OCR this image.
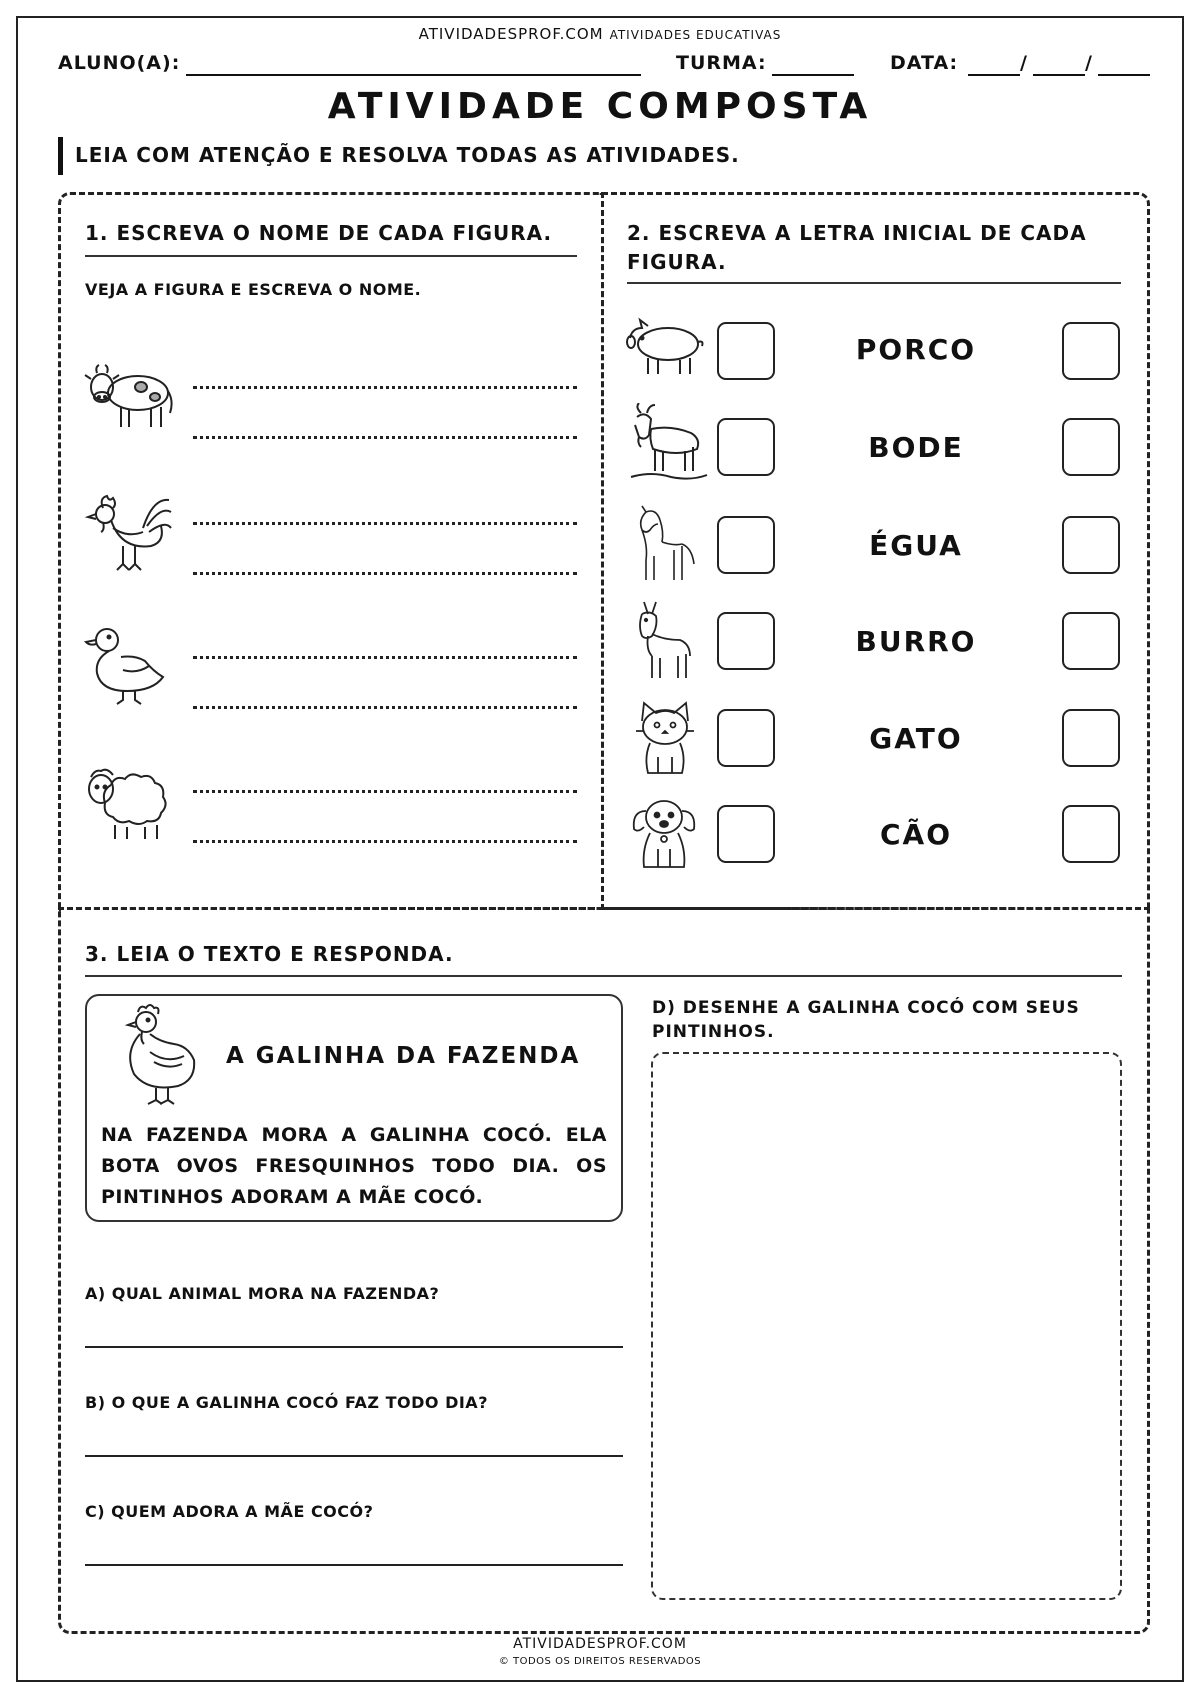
ATIVIDADESPROF.COM ATIVIDADES EDUCATIVAS
ALUNO(A):	TURMA:	DATA:	/	/
ATIVIDADE COMPOSTA
LEIA COM ATENÇÃO E RESOLVA TODAS AS ATIVIDADES.
1. ESCREVA O NOME DE CADA FIGURA.
VEJA A FIGURA E ESCREVA O NOME.
2. ESCREVA A LETRA INICIAL DE CADA
FIGURA.
PORCO
BODE
ÉGUA
BURRO
GATO
CÃO
3. LEIA O TEXTO E RESPONDA.
A GALINHA DA FAZENDA
NA FAZENDA MORA A GALINHA COCÓ. ELA BOTA OVOS FRESQUINHOS TODO DIA. OS PINTINHOS ADORAM A MÃE COCÓ.
A) QUAL ANIMAL MORA NA FAZENDA?
B) O QUE A GALINHA COCÓ FAZ TODO DIA?
C) QUEM ADORA A MÃE COCÓ?
D) DESENHE A GALINHA COCÓ COM SEUS
PINTINHOS.
ATIVIDADESPROF.COM
© TODOS OS DIREITOS RESERVADOS
